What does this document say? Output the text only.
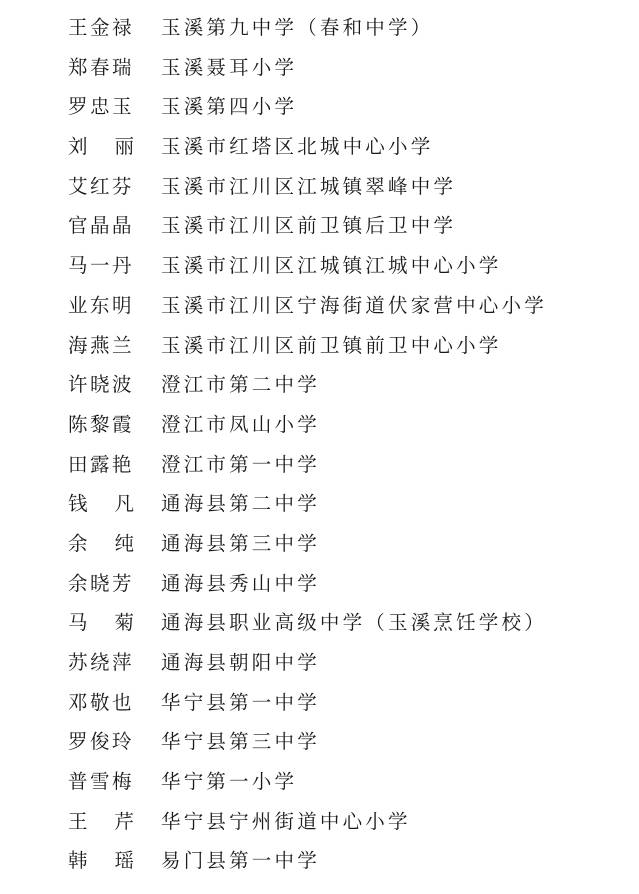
王金禄 玉溪第九中学（春和中学）
郑春瑞 玉溪聂耳小学
罗忠玉 玉溪第四小学
刘 丽 玉溪市红塔区北城中心小学
艾红芬 玉溪市江川区江城镇翠峰中学
官晶晶 玉溪市江川区前卫镇后卫中学
马一丹 玉溪市江川区江城镇江城中心小学
业东明 玉溪市江川区宁海街道伏家营中心小学
海燕兰 玉溪市江川区前卫镇前卫中心小学
许晓波 澄江市第二中学
陈黎霞 澄江市凤山小学
田露艳 澄江市第一中学
钱 凡 通海县第二中学
余 纯 通海县第三中学
余晓芳 通海县秀山中学
马 菊 通海县职业高级中学（玉溪烹饪学校）
苏绕萍 通海县朝阳中学
邓敬也 华宁县第一中学
罗俊玲 华宁县第三中学
普雪梅 华宁第一小学
王 芹 华宁县宁州街道中心小学
韩 瑶 易门县第一中学
